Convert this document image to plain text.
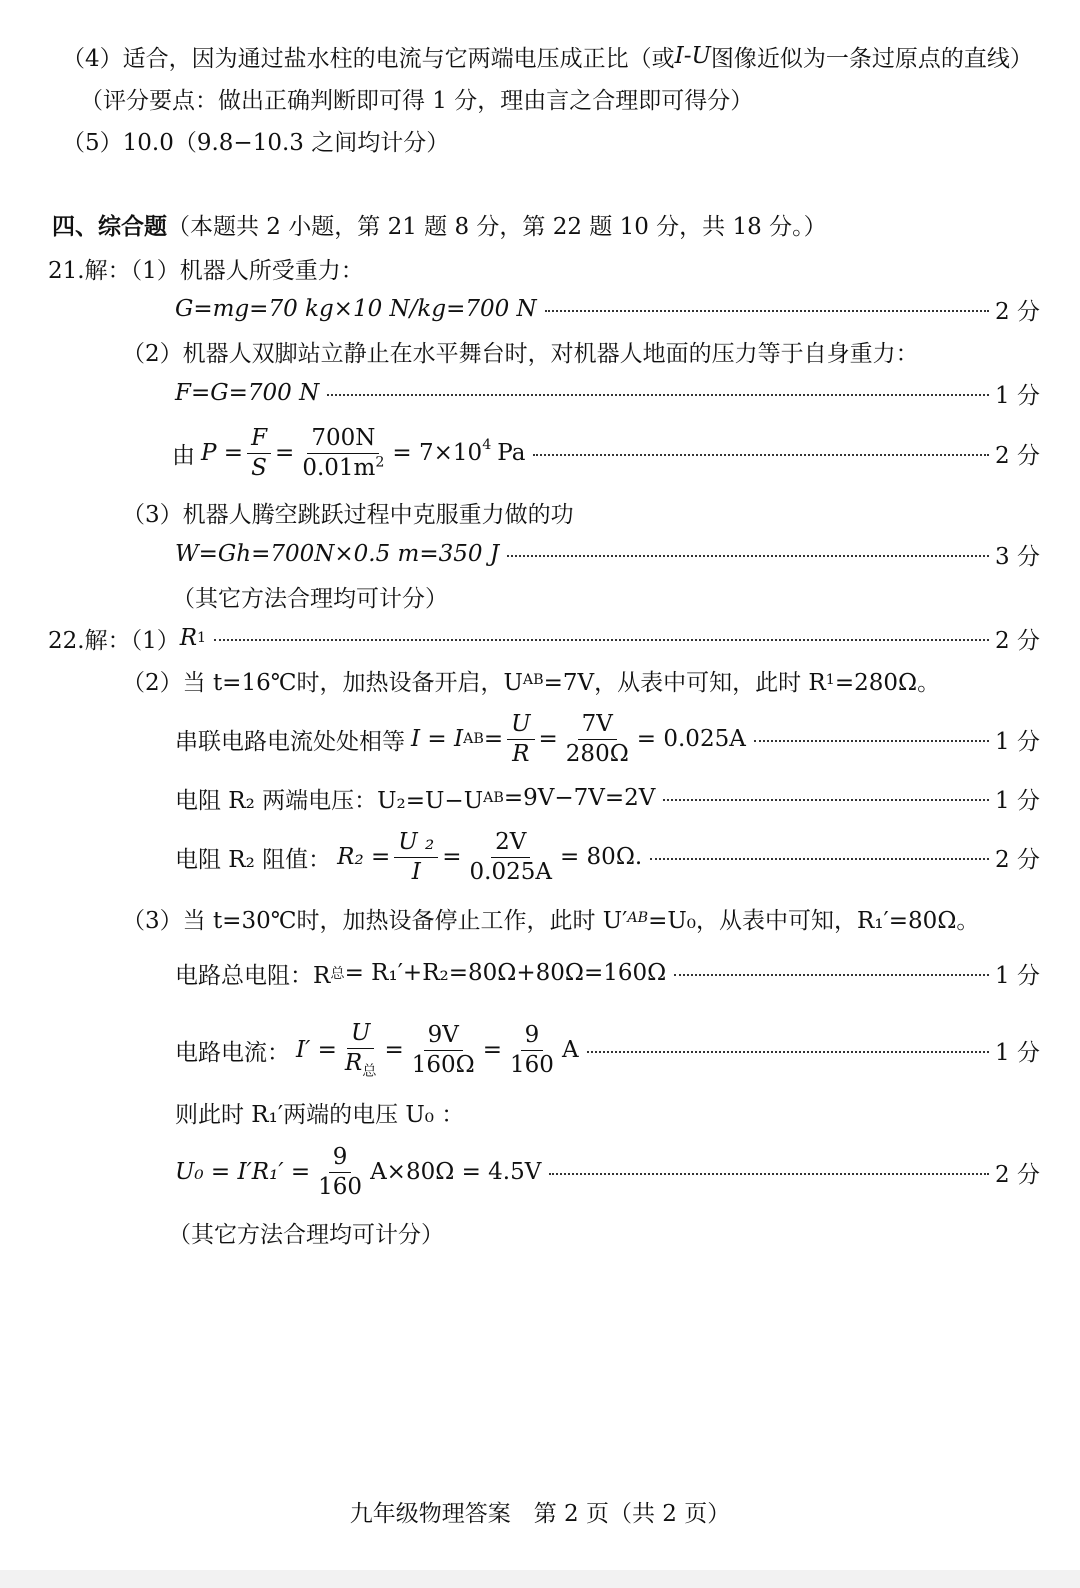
（4）适合，因为通过盐水柱的电流与它两端电压成正比（或 I-U 图像近似为一条过原点的直线）
（评分要点：做出正确判断即可得 1 分，理由言之合理即可得分）
（5）10.0（9.8−10.3 之间均计分）
四、综合题 （本题共 2 小题，第 21 题 8 分，第 22 题 10 分，共 18 分。）
21.解：（1）机器人所受重力：
G=mg=70 kg×10 N/kg=700 N	2 分
（2）机器人双脚站立静止在水平舞台时，对机器人地面的压力等于自身重力：
F=G=700 N	1 分
由 $P = \frac{F}{S} = \frac{700N}{0.01m^2} = 7\times 10^4$ Pa	2 分
（3）机器人腾空跳跃过程中克服重力做的功
W=Gh=700N×0.5 m=350 J	3 分
（其它方法合理均可计分）
22.解：（1） R 1	2 分
（2）当 t=16℃时，加热设备开启，U AB =7V，从表中可知，此时 R 1 =280Ω。
串联电路电流处处相等 I = I AB = $\frac{U}{R} = \frac{7V}{280\Omega} = 0.025A$	1 分
电阻 R₂ 两端电压：U₂=U−U AB =9V−7V=2V	1 分
电阻 R₂ 阻值： $R_2 = \frac{\text{U ₂}}{I} = \frac{2V}{0.025A} = 80\Omega$.	2 分
（3）当 t=30℃时，加热设备停止工作，此时 U′ AB =U₀，从表中可知，R₁′=80Ω。
电路总电阻：R 总 = R₁′+R₂=80Ω+80Ω=160Ω	1 分
电路电流： $I' = \frac{U}{R_总} = \frac{9V}{160\Omega} = \frac{9}{160}$ A	1 分
则此时 R₁′两端的电压 U₀ ：
$U_0 = I'R_1' = \frac{9}{160} A\times 80\Omega = 4.5V$	2 分
（其它方法合理均可计分）
九年级物理答案　第 2 页（共 2 页）
